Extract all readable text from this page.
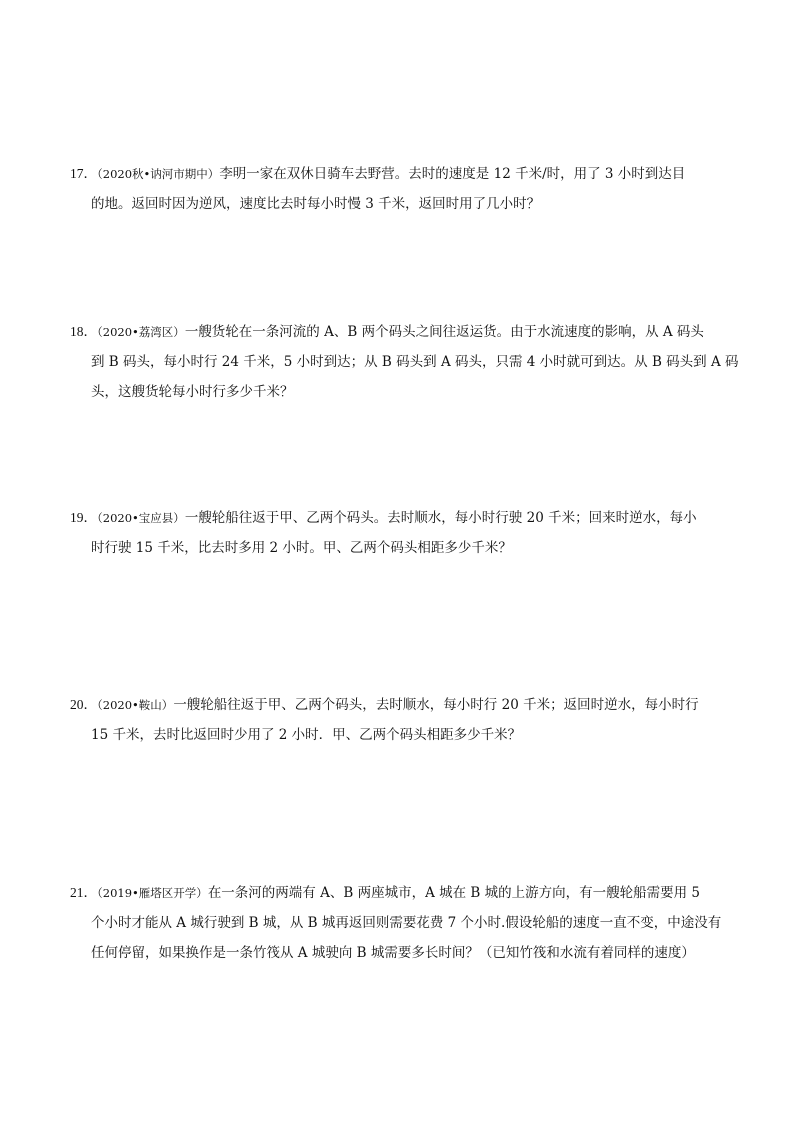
17．（2020秋•讷河市期中）李明一家在双休日骑车去野营。去时的速度是 12 千米/时，用了 3 小时到达目
的地。返回时因为逆风，速度比去时每小时慢 3 千米，返回时用了几小时？
18．（2020•荔湾区）一艘货轮在一条河流的 A、B 两个码头之间往返运货。由于水流速度的影响，从 A 码头
到 B 码头，每小时行 24 千米，5 小时到达；从 B 码头到 A 码头，只需 4 小时就可到达。从 B 码头到 A 码
头，这艘货轮每小时行多少千米？
19．（2020•宝应县）一艘轮船往返于甲、乙两个码头。去时顺水，每小时行驶 20 千米；回来时逆水，每小
时行驶 15 千米，比去时多用 2 小时。甲、乙两个码头相距多少千米？
20．（2020•鞍山）一艘轮船往返于甲、乙两个码头，去时顺水，每小时行 20 千米；返回时逆水，每小时行
15 千米，去时比返回时少用了 2 小时．甲、乙两个码头相距多少千米？
21．（2019•雁塔区开学）在一条河的两端有 A、B 两座城市，A 城在 B 城的上游方向，有一艘轮船需要用 5
个小时才能从 A 城行驶到 B 城，从 B 城再返回则需要花费 7 个小时.假设轮船的速度一直不变，中途没有
任何停留，如果换作是一条竹筏从 A 城驶向 B 城需要多长时间？（已知竹筏和水流有着同样的速度）
